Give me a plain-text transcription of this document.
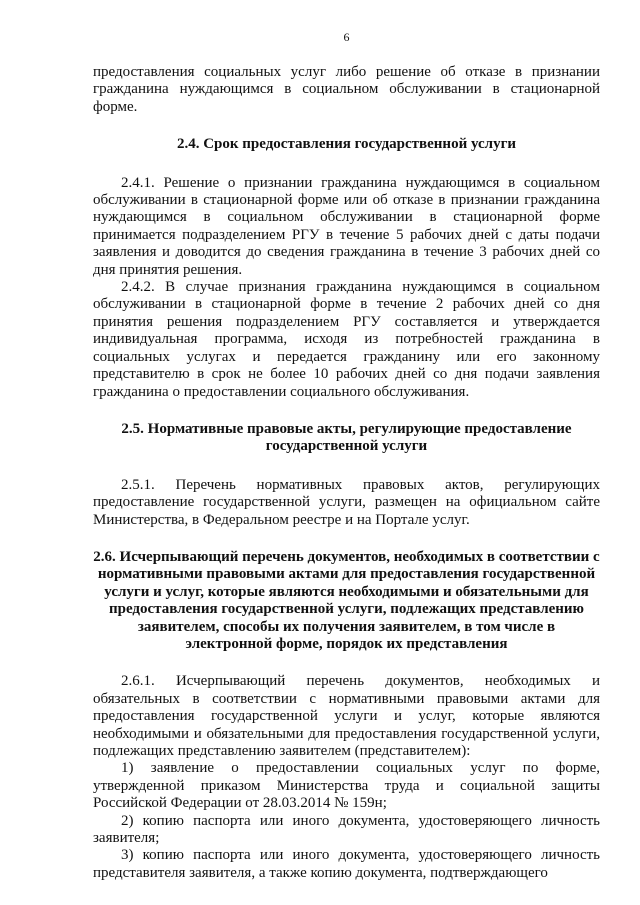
6

предоставления социальных услуг либо решение об отказе в признании гражданина нуждающимся в социальном обслуживании в стационарной форме.

2.4. Срок предоставления государственной услуги

2.4.1. Решение о признании гражданина нуждающимся в социальном обслуживании в стационарной форме или об отказе в признании гражданина нуждающимся в социальном обслуживании в стационарной форме принимается подразделением РГУ в течение 5 рабочих дней с даты подачи заявления и доводится до сведения гражданина в течение 3 рабочих дней со дня принятия решения.

2.4.2. В случае признания гражданина нуждающимся в социальном обслуживании в стационарной форме в течение 2 рабочих дней со дня принятия решения подразделением РГУ составляется и утверждается индивидуальная программа, исходя из потребностей гражданина в социальных услугах и передается гражданину или его законному представителю в срок не более 10 рабочих дней со дня подачи заявления гражданина о предоставлении социального обслуживания.

2.5. Нормативные правовые акты, регулирующие предоставление государственной услуги

2.5.1. Перечень нормативных правовых актов, регулирующих предоставление государственной услуги, размещен на официальном сайте Министерства, в Федеральном реестре и на Портале услуг.

2.6. Исчерпывающий перечень документов, необходимых в соответствии с нормативными правовыми актами для предоставления государственной услуги и услуг, которые являются необходимыми и обязательными для предоставления государственной услуги, подлежащих представлению заявителем, способы их получения заявителем, в том числе в электронной форме, порядок их представления

2.6.1. Исчерпывающий перечень документов, необходимых и обязательных в соответствии с нормативными правовыми актами для предоставления государственной услуги и услуг, которые являются необходимыми и обязательными для предоставления государственной услуги, подлежащих представлению заявителем (представителем):

1) заявление о предоставлении социальных услуг по форме, утвержденной приказом Министерства труда и социальной защиты Российской Федерации от 28.03.2014 № 159н;

2) копию паспорта или иного документа, удостоверяющего личность заявителя;

3) копию паспорта или иного документа, удостоверяющего личность представителя заявителя, а также копию документа, подтверждающего
